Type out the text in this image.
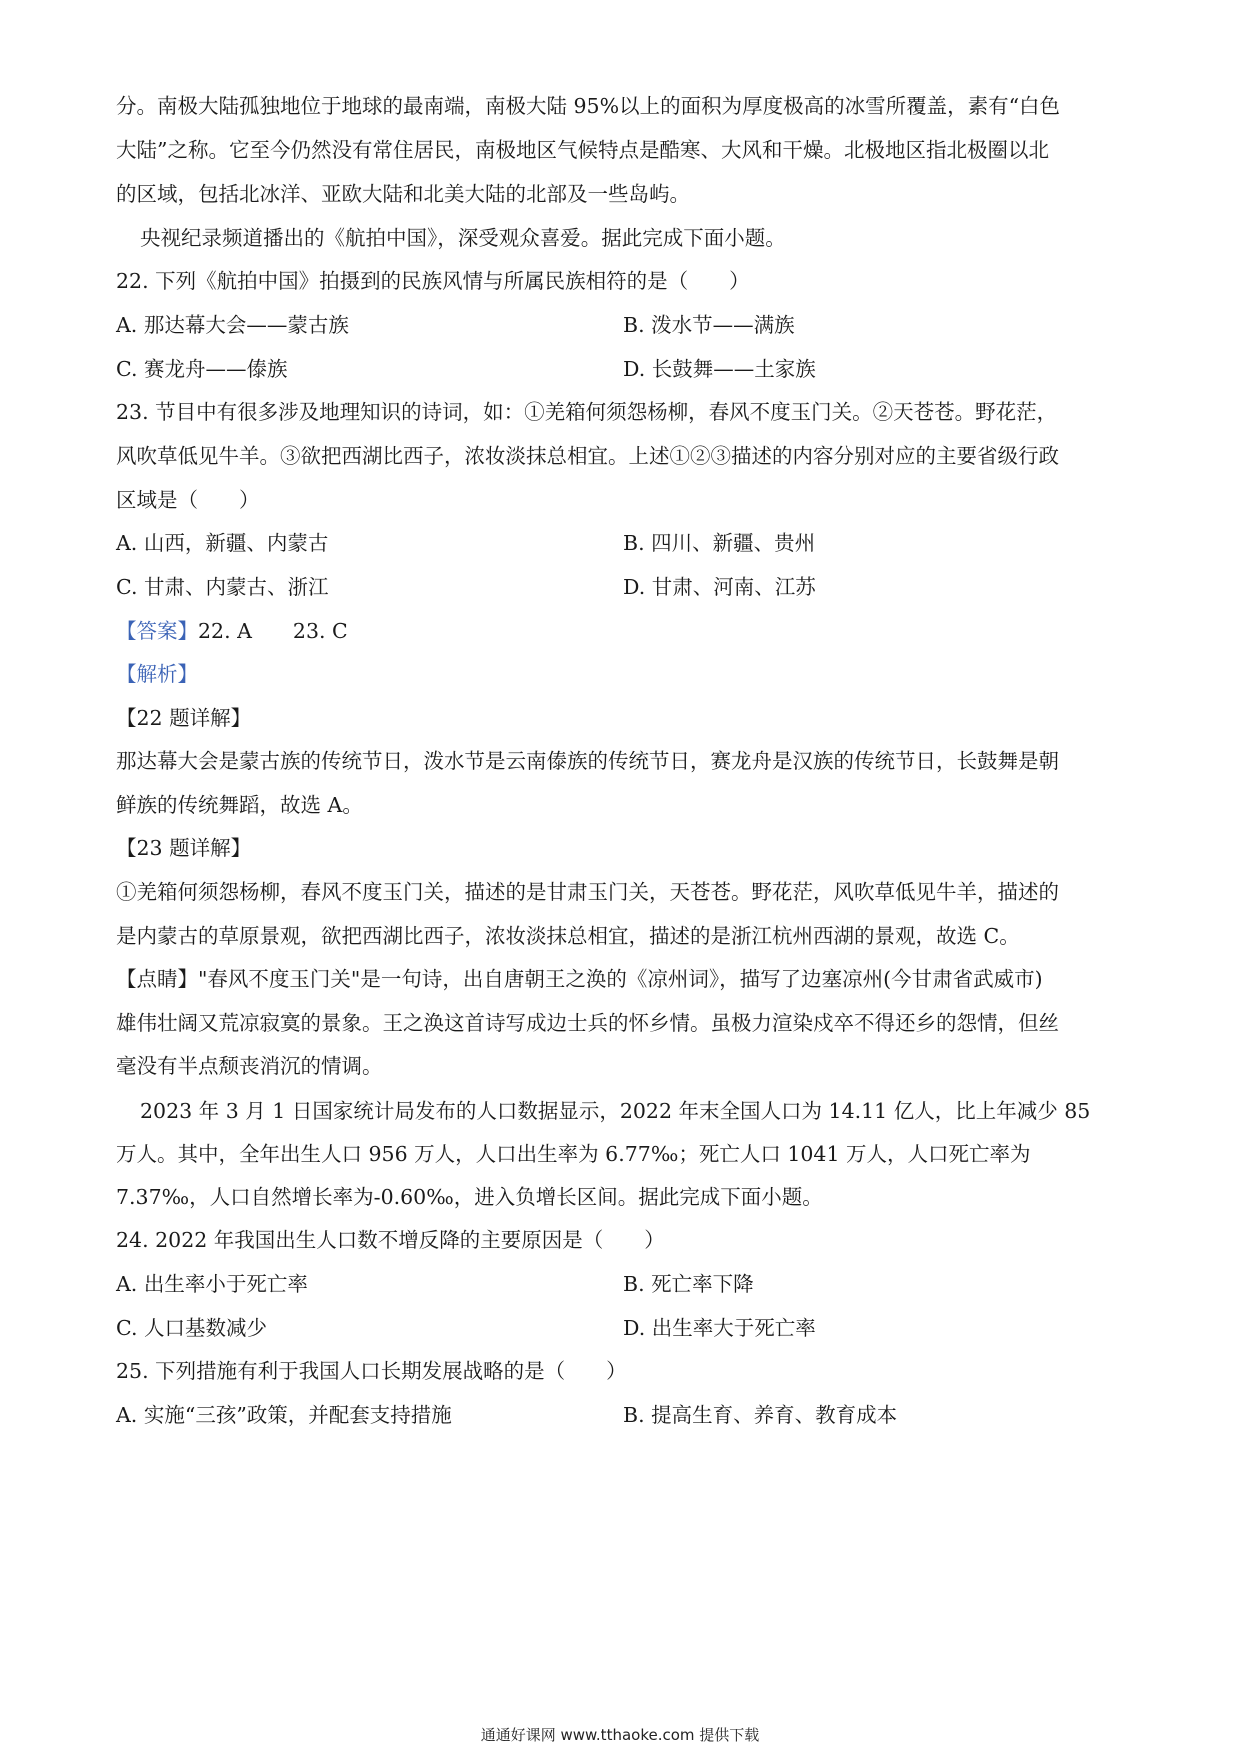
分。南极大陆孤独地位于地球的最南端，南极大陆 95%以上的面积为厚度极高的冰雪所覆盖，素有“白色
大陆”之称。它至今仍然没有常住居民，南极地区气候特点是酷寒、大风和干燥。北极地区指北极圈以北
的区域，包括北冰洋、亚欧大陆和北美大陆的北部及一些岛屿。
央视纪录频道播出的《航拍中国》，深受观众喜爱。据此完成下面小题。
22. 下列《航拍中国》拍摄到的民族风情与所属民族相符的是（　　）
A. 那达幕大会——蒙古族	B. 泼水节——满族
C. 赛龙舟——傣族	D. 长鼓舞——土家族
23. 节目中有很多涉及地理知识的诗词，如：①羌箱何须怨杨柳，春风不度玉门关。②天苍苍。野花茫，
风吹草低见牛羊。③欲把西湖比西子，浓妆淡抹总相宜。上述①②③描述的内容分别对应的主要省级行政
区域是（　　）
A. 山西，新疆、内蒙古	B. 四川、新疆、贵州
C. 甘肃、内蒙古、浙江	D. 甘肃、河南、江苏
【答案】22. A　　23. C
【解析】
【22 题详解】
那达幕大会是蒙古族的传统节日，泼水节是云南傣族的传统节日，赛龙舟是汉族的传统节日，长鼓舞是朝
鲜族的传统舞蹈，故选 A。
【23 题详解】
①羌箱何须怨杨柳，春风不度玉门关，描述的是甘肃玉门关，天苍苍。野花茫，风吹草低见牛羊，描述的
是内蒙古的草原景观，欲把西湖比西子，浓妆淡抹总相宜，描述的是浙江杭州西湖的景观，故选 C。
【点睛】"春风不度玉门关"是一句诗，出自唐朝王之涣的《凉州词》，描写了边塞凉州(今甘肃省武威市)
雄伟壮阔又荒凉寂寞的景象。王之涣这首诗写成边士兵的怀乡情。虽极力渲染戍卒不得还乡的怨情，但丝
毫没有半点颓丧消沉的情调。
2023 年 3 月 1 日国家统计局发布的人口数据显示，2022 年末全国人口为 14.11 亿人，比上年减少 85
万人。其中，全年出生人口 956 万人，人口出生率为 6.77‰；死亡人口 1041 万人，人口死亡率为
7.37‰，人口自然增长率为-0.60‰，进入负增长区间。据此完成下面小题。
24. 2022 年我国出生人口数不增反降的主要原因是（　　）
A. 出生率小于死亡率	B. 死亡率下降
C. 人口基数减少	D. 出生率大于死亡率
25. 下列措施有利于我国人口长期发展战略的是（　　）
A. 实施“三孩”政策，并配套支持措施	B. 提高生育、养育、教育成本
通通好课网 www.tthaoke.com 提供下载
